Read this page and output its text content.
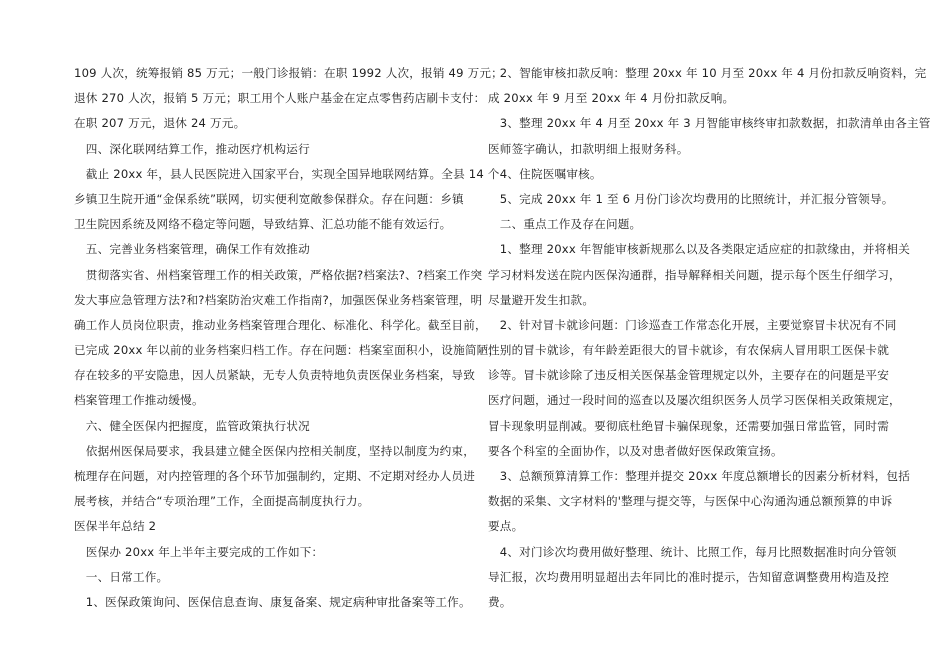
109 人次，统筹报销 85 万元；一般门诊报销：在职 1992 人次，报销 49 万元；
退休 270 人次，报销 5 万元；职工用个人账户基金在定点零售药店刷卡支付：
在职 207 万元，退休 24 万元。
　四、深化联网结算工作，推动医疗机构运行
　截止 20xx 年，县人民医院进入国家平台，实现全国异地联网结算。全县 14 个
乡镇卫生院开通“金保系统”联网，切实便利宽敞参保群众。存在问题：乡镇
卫生院因系统及网络不稳定等问题，导致结算、汇总功能不能有效运行。
　五、完善业务档案管理，确保工作有效推动
　贯彻落实省、州档案管理工作的相关政策，严格依据?档案法?、?档案工作突
发大事应急管理方法?和?档案防治灾难工作指南?，加强医保业务档案管理，明
确工作人员岗位职责，推动业务档案管理合理化、标准化、科学化。截至目前，
已完成 20xx 年以前的业务档案归档工作。存在问题：档案室面积小，设施简陋，
存在较多的平安隐患，因人员紧缺，无专人负责特地负责医保业务档案，导致
档案管理工作推动缓慢。
　六、健全医保内把握度，监管政策执行状况
　依据州医保局要求，我县建立健全医保内控相关制度，坚持以制度为约束，
梳理存在问题，对内控管理的各个环节加强制约，定期、不定期对经办人员进
展考核，并结合“专项治理”工作，全面提高制度执行力。
医保半年总结 2
　医保办 20xx 年上半年主要完成的工作如下：
　一、日常工作。
　1、医保政策询问、医保信息查询、康复备案、规定病种审批备案等工作。
　2、智能审核扣款反响：整理 20xx 年 10 月至 20xx 年 4 月份扣款反响资料，完
成 20xx 年 9 月至 20xx 年 4 月份扣款反响。
　3、整理 20xx 年 4 月至 20xx 年 3 月智能审核终审扣款数据，扣款清单由各主管
医师签字确认，扣款明细上报财务科。
　4、住院医嘱审核。
　5、完成 20xx 年 1 至 6 月份门诊次均费用的比照统计，并汇报分管领导。
　二、重点工作及存在问题。
　1、整理 20xx 年智能审核新规那么以及各类限定适应症的扣款缘由，并将相关
学习材料发送在院内医保沟通群，指导解释相关问题，提示每个医生仔细学习，
尽量避开发生扣款。
　2、针对冒卡就诊问题：门诊巡查工作常态化开展，主要觉察冒卡状况有不同
性别的冒卡就诊，有年龄差距很大的冒卡就诊，有农保病人冒用职工医保卡就
诊等。冒卡就诊除了违反相关医保基金管理规定以外，主要存在的问题是平安
医疗问题，通过一段时间的巡查以及屡次组织医务人员学习医保相关政策规定，
冒卡现象明显削减。要彻底杜绝冒卡骗保现象，还需要加强日常监管，同时需
要各个科室的全面协作，以及对患者做好医保政策宣扬。
　3、总额预算清算工作：整理并提交 20xx 年度总额增长的因素分析材料，包括
数据的采集、文字材料的'整理与提交等，与医保中心沟通沟通总额预算的申诉
要点。
　4、对门诊次均费用做好整理、统计、比照工作，每月比照数据准时向分管领
导汇报，次均费用明显超出去年同比的准时提示，告知留意调整费用构造及控
费。
